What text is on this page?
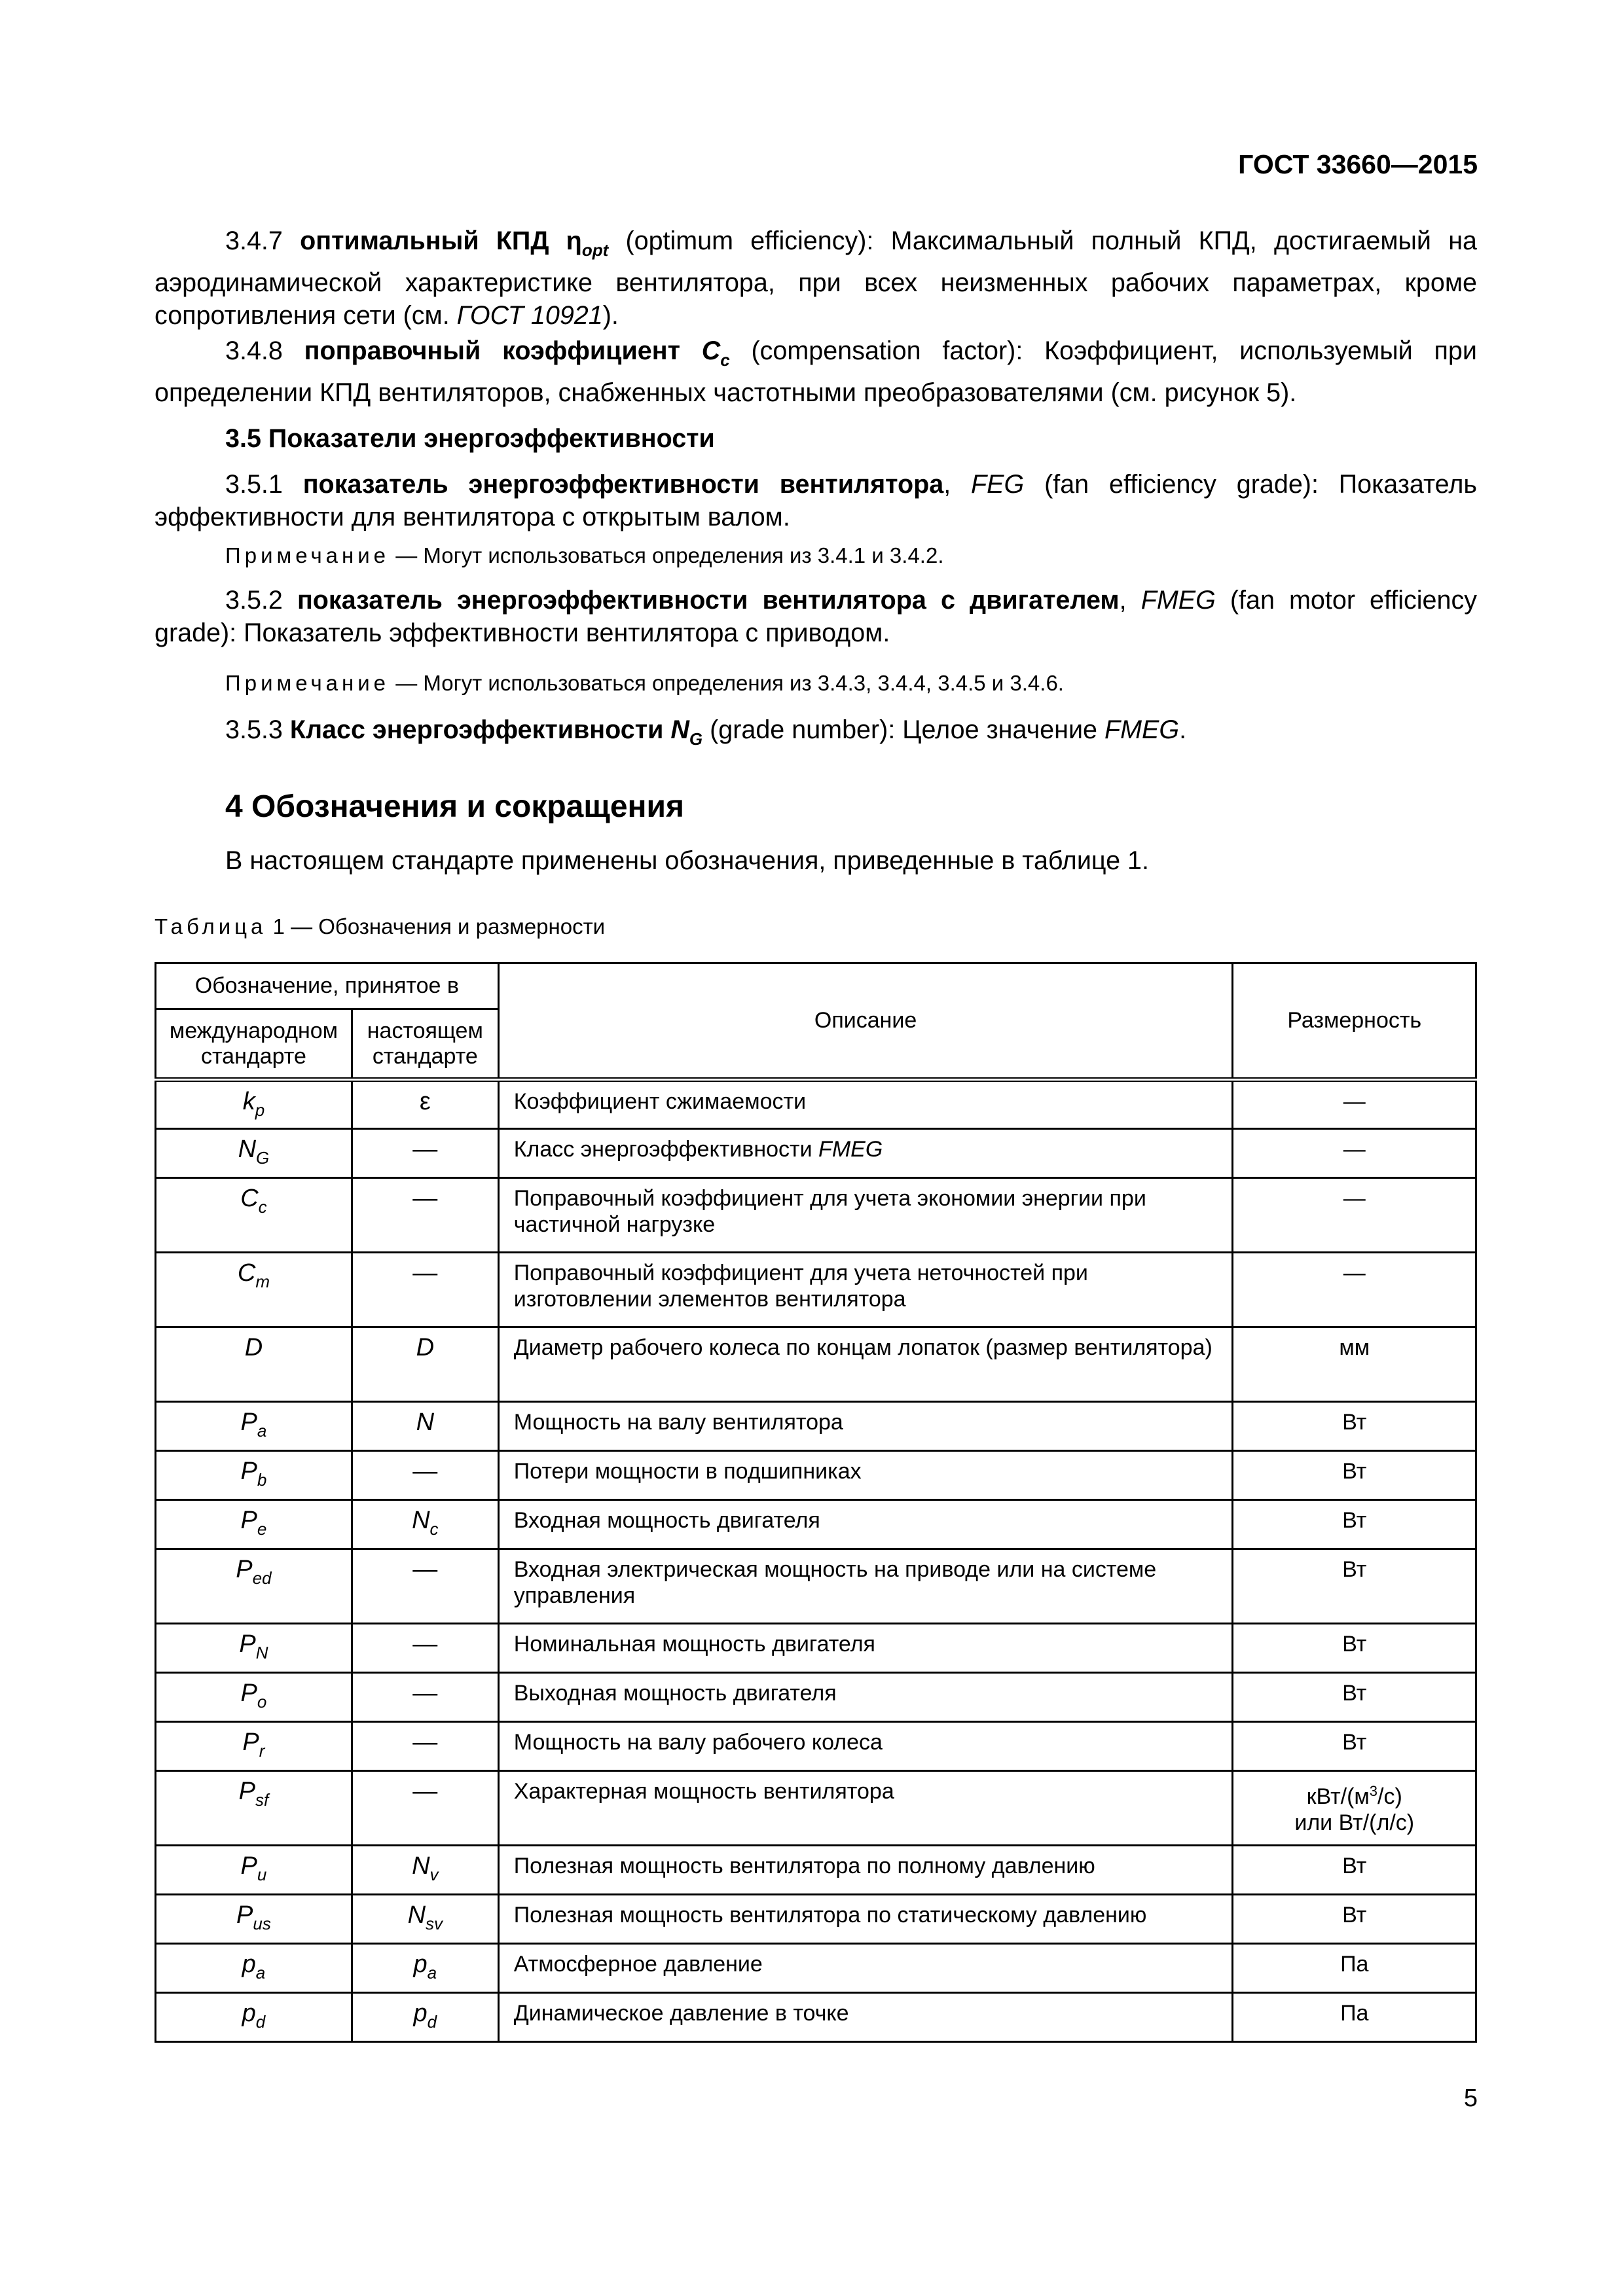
ГОСТ 33660—2015

3.4.7 оптимальный КПД $\eta_{opt}$ (optimum efficiency): Максимальный полный КПД, достигаемый на аэродинамической характеристике вентилятора, при всех неизменных рабочих параметрах, кроме сопротивления сети (см. ГОСТ 10921).

3.4.8 поправочный коэффициент $C_c$ (compensation factor): Коэффициент, используемый при определении КПД вентиляторов, снабженных частотными преобразователями (см. рисунок 5).

3.5 Показатели энергоэффективности

3.5.1 показатель энергоэффективности вентилятора, FEG (fan efficiency grade): Показатель эффективности для вентилятора с открытым валом.

Примечание — Могут использоваться определения из 3.4.1 и 3.4.2.

3.5.2 показатель энергоэффективности вентилятора с двигателем, FMEG (fan motor efficiency grade): Показатель эффективности вентилятора с приводом.

Примечание — Могут использоваться определения из 3.4.3, 3.4.4, 3.4.5 и 3.4.6.

3.5.3 Класс энергоэффективности $N_G$ (grade number): Целое значение FMEG.

4 Обозначения и сокращения
В настоящем стандарте применены обозначения, приведенные в таблице 1.
Таблица 1 — Обозначения и размерности
Обозначение, принятое в		Описание	Размерность
международном стандарте	настоящем стандарте		
$k_p$	ε	Коэффициент сжимаемости	—
$N_G$	—	Класс энергоэффективности FMEG	—
$C_c$	—	Поправочный коэффициент для учета экономии энергии при частичной нагрузке	—
$C_m$	—	Поправочный коэффициент для учета неточностей при изготовлении элементов вентилятора	—
D	D	Диаметр рабочего колеса по концам лопаток (размер вентилятора)	мм
$P_a$	N	Мощность на валу вентилятора	Вт
$P_b$	—	Потери мощности в подшипниках	Вт
$P_e$	$N_c$	Входная мощность двигателя	Вт
$P_{ed}$	—	Входная электрическая мощность на приводе или на системе управления	Вт
$P_N$	—	Номинальная мощность двигателя	Вт
$P_o$	—	Выходная мощность двигателя	Вт
$P_r$	—	Мощность на валу рабочего колеса	Вт
$P_{sf}$	—	Характерная мощность вентилятора	кВт/$(м^3/с)$
или Вт/(л/с)
$P_u$	$N_v$	Полезная мощность вентилятора по полному давлению	Вт
$P_{us}$	$N_{sv}$	Полезная мощность вентилятора по статическому давлению	Вт
$p_a$	$p_a$	Атмосферное давление	Па
$p_d$	$p_d$	Динамическое давление в точке	Па
5
